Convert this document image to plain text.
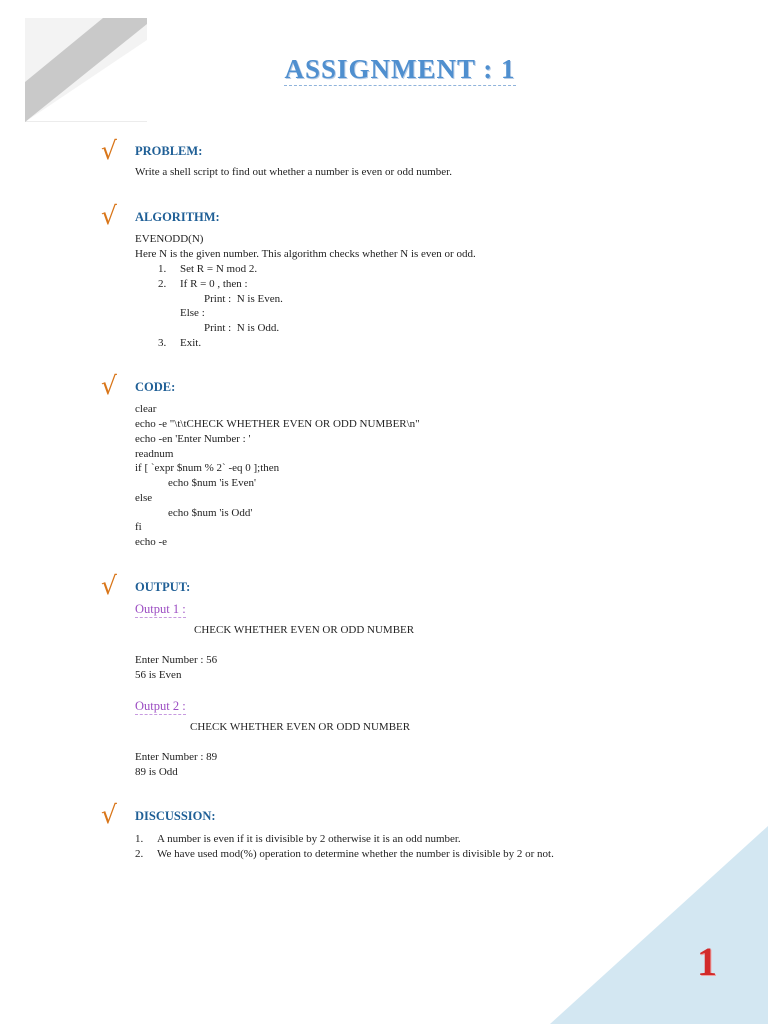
ASSIGNMENT : 1
√ PROBLEM:
Write a shell script to find out whether a number is even or odd number.
√ ALGORITHM:
EVENODD(N)
Here N is the given number. This algorithm checks whether N is even or odd.
1. Set R = N mod 2.
2. If R = 0 , then :
Print :  N is Even.
Else :
Print :  N is Odd.
3. Exit.
√ CODE:
clear
echo -e "\t\tCHECK WHETHER EVEN OR ODD NUMBER\n"
echo -en 'Enter Number : '
readnum
if [ `expr $num % 2` -eq 0 ];then
echo $num 'is Even'
else
echo $num 'is Odd'
fi
echo -e
√ OUTPUT:
Output 1 :
CHECK WHETHER EVEN OR ODD NUMBER
Enter Number : 56
56 is Even
Output 2 :
CHECK WHETHER EVEN OR ODD NUMBER
Enter Number : 89
89 is Odd
√ DISCUSSION:
1. A number is even if it is divisible by 2 otherwise it is an odd number.
2. We have used mod(%) operation to determine whether the number is divisible by 2 or not.
1
